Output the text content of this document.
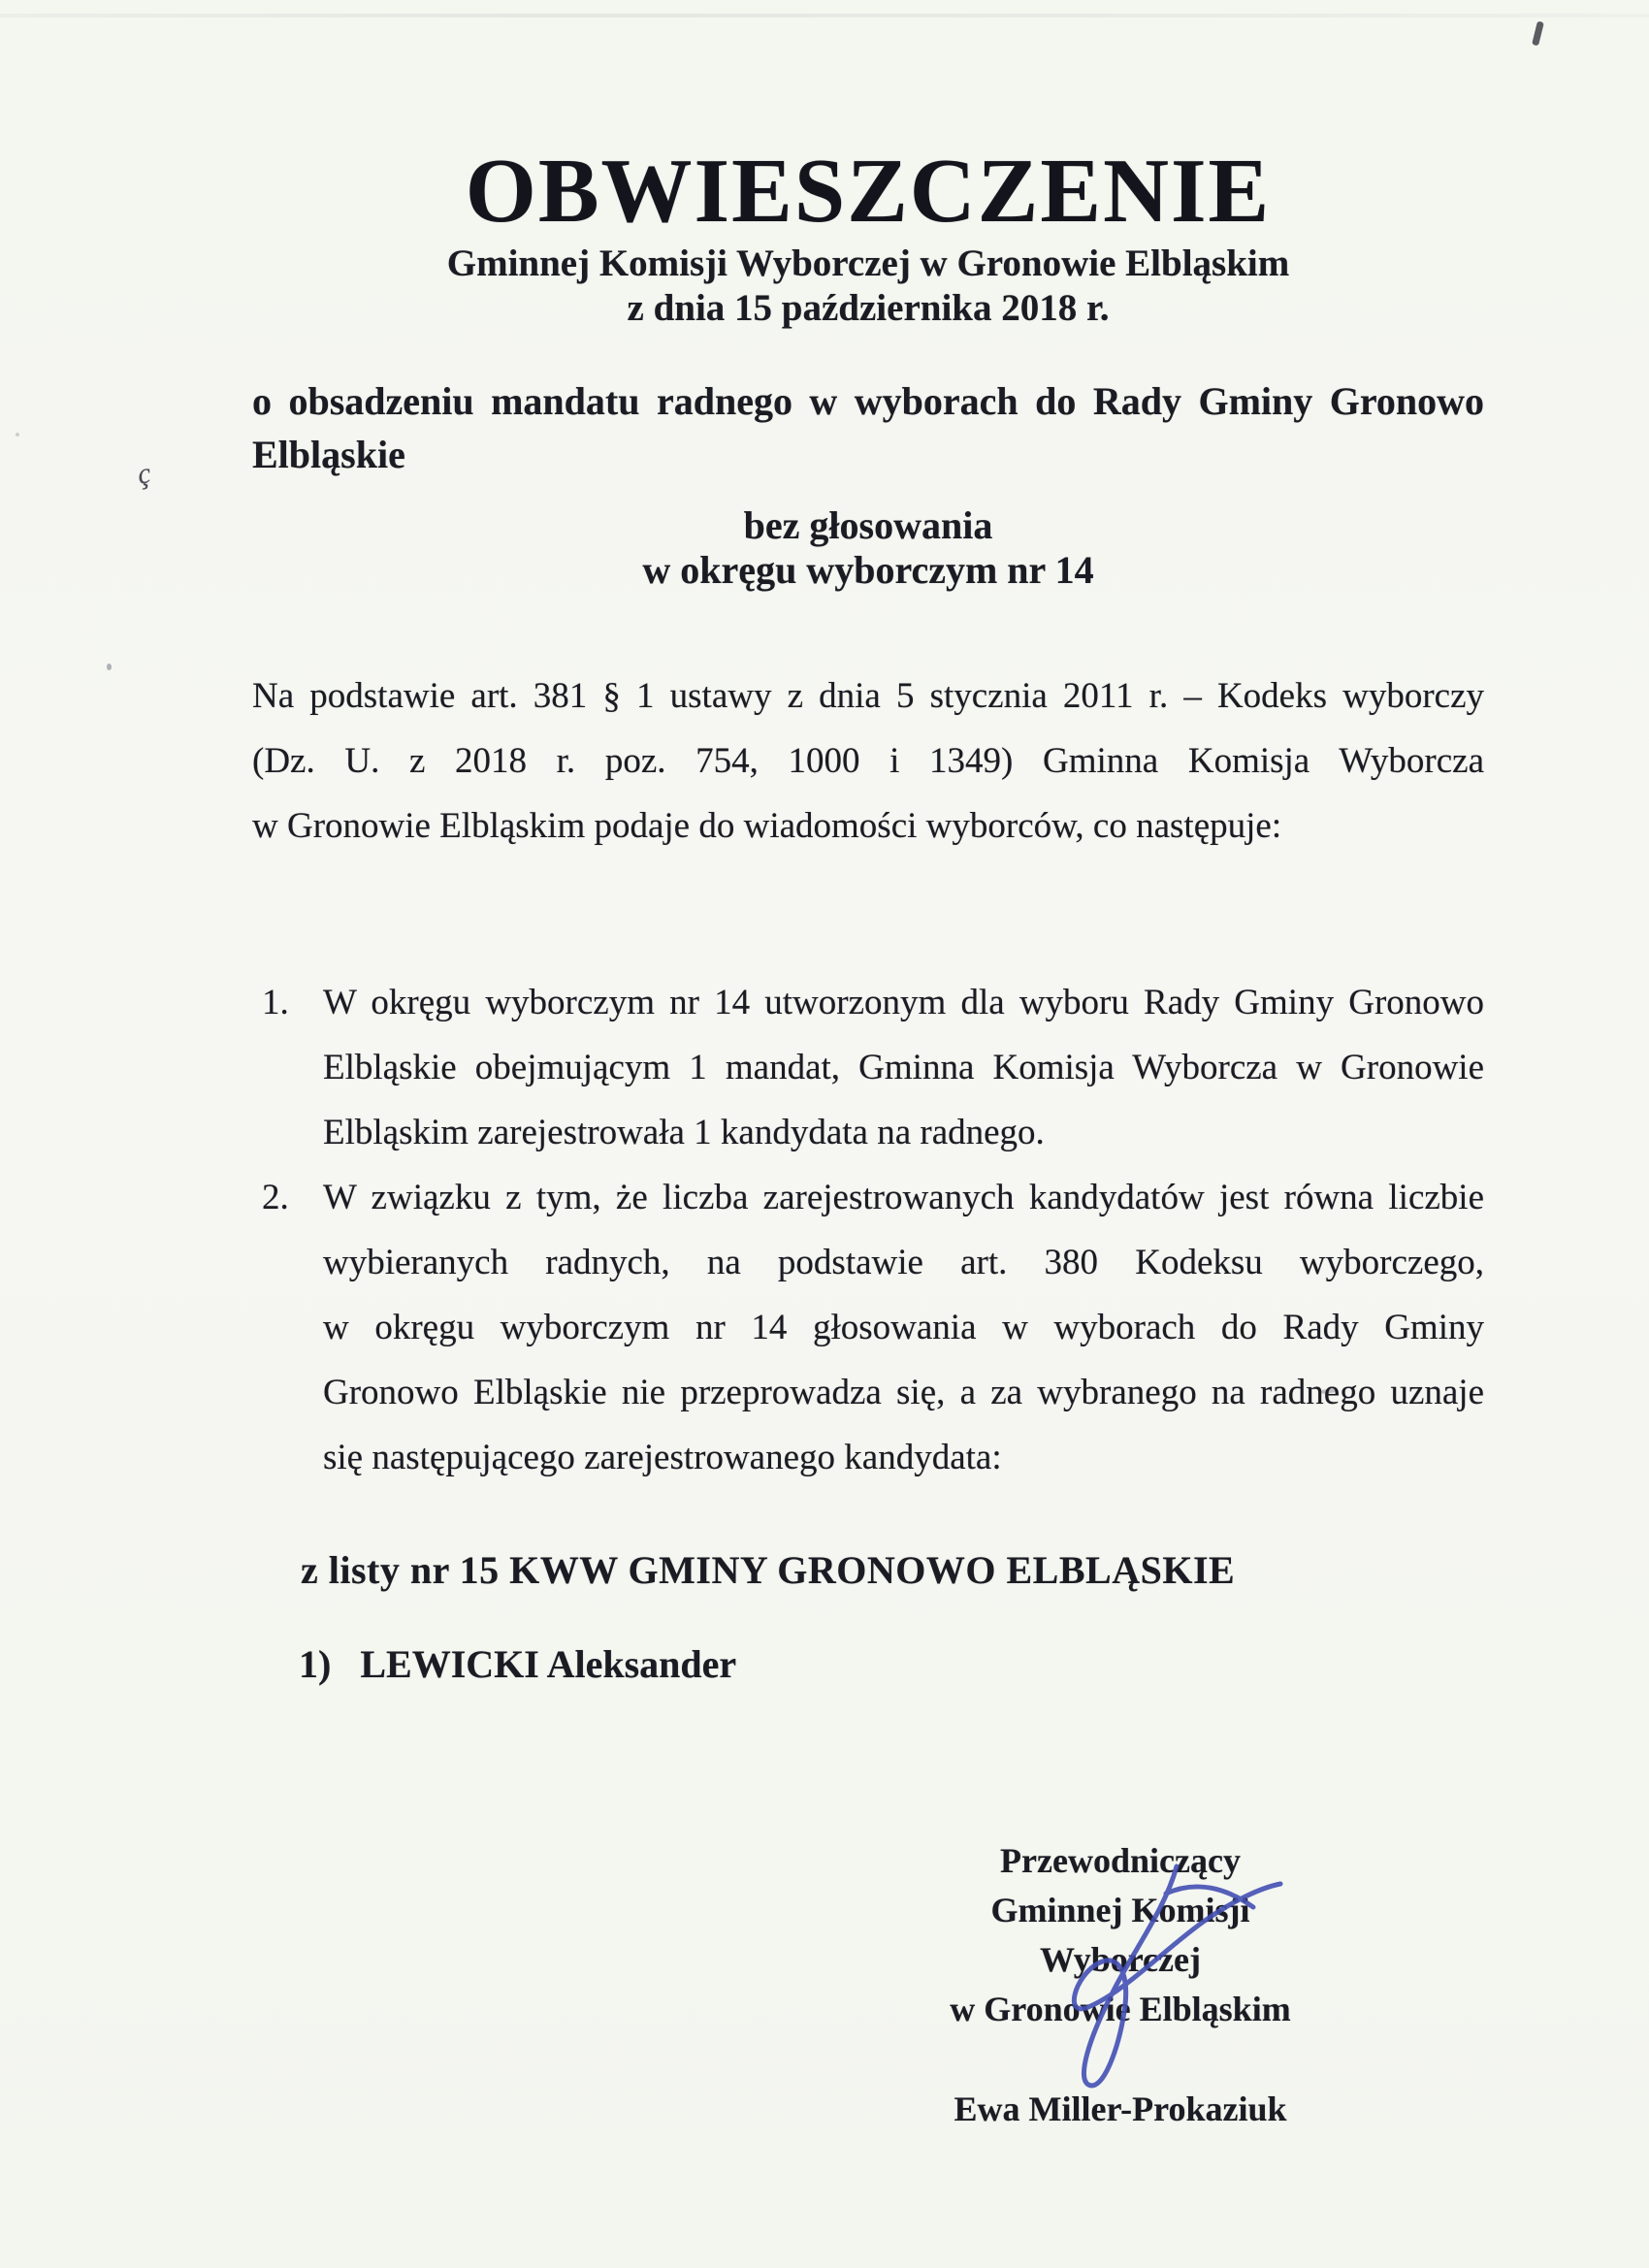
ç
OBWIESZCZENIE
Gminnej Komisji Wyborczej w Gronowie Elbląskim
z dnia 15 października 2018 r.
o obsadzeniu mandatu radnego w wyborach do Rady Gminy Gronowo
Elbląskie
bez głosowania
w okręgu wyborczym nr 14
Na podstawie art. 381 § 1 ustawy z dnia 5 stycznia 2011 r. – Kodeks wyborczy
(Dz. U. z 2018 r. poz. 754, 1000 i 1349) Gminna Komisja Wyborcza
w Gronowie Elbląskim podaje do wiadomości wyborców, co następuje:
1. W okręgu wyborczym nr 14 utworzonym dla wyboru Rady Gminy Gronowo
Elbląskie obejmującym 1 mandat, Gminna Komisja Wyborcza w Gronowie
Elbląskim zarejestrowała 1 kandydata na radnego.
2. W związku z tym, że liczba zarejestrowanych kandydatów jest równa liczbie
wybieranych radnych, na podstawie art. 380 Kodeksu wyborczego,
w okręgu wyborczym nr 14 głosowania w wyborach do Rady Gminy
Gronowo Elbląskie nie przeprowadza się, a za wybranego na radnego uznaje
się następującego zarejestrowanego kandydata:
z listy nr 15 KWW GMINY GRONOWO ELBLĄSKIE
1) LEWICKI Aleksander
Przewodniczący
Gminnej Komisji Wyborczej
w Gronowie Elbląskim
Ewa Miller-Prokaziuk
